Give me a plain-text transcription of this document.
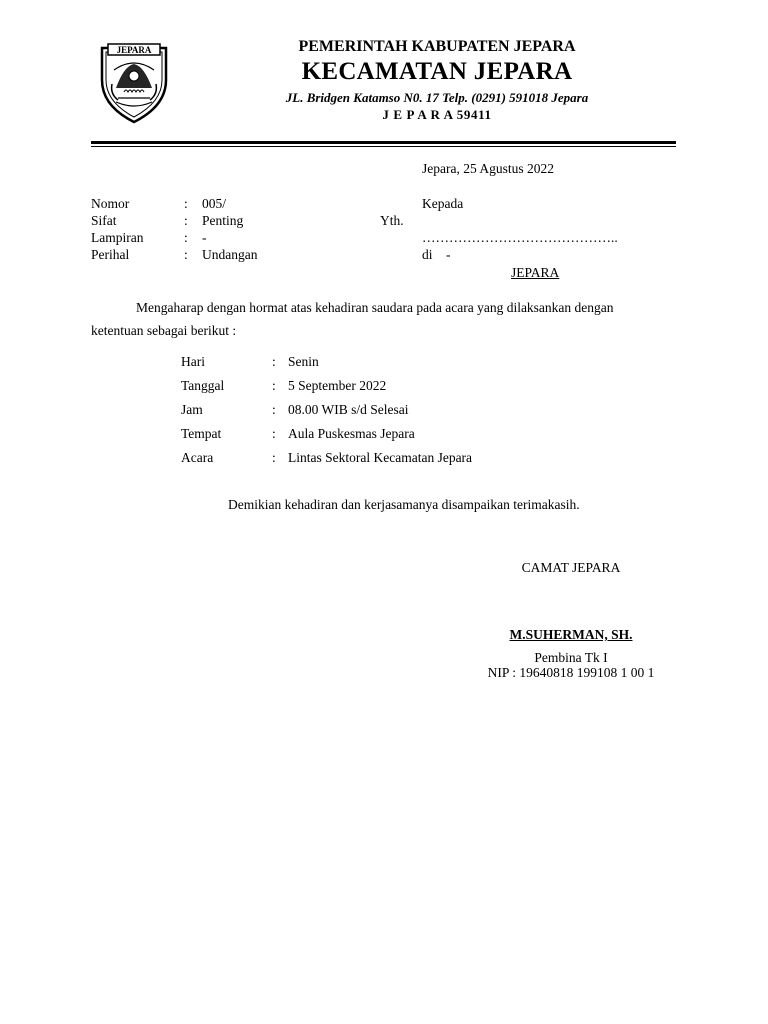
JEPARA	PEMERINTAH KABUPATEN JEPARA
KECAMATAN JEPARA
JL. Bridgen Katamso N0. 17 Telp. (0291) 591018 Jepara
J E P A R A 59411
Jepara, 25 Agustus 2022
Nomor	: 005/
Sifat	: Penting
Lampiran	: -
Perihal	: Undangan
Kepada
Yth.
……………………………………..
di    -
JEPARA
Mengaharap dengan hormat atas kehadiran saudara pada acara yang dilaksankan dengan
ketentuan sebagai berikut :
Hari	: Senin
Tanggal	: 5 September 2022
Jam	: 08.00 WIB s/d Selesai
Tempat	: Aula Puskesmas Jepara
Acara	: Lintas Sektoral Kecamatan Jepara
Demikian kehadiran dan kerjasamanya disampaikan terimakasih.
CAMAT JEPARA
M.SUHERMAN, SH.
Pembina Tk I
NIP : 19640818 199108 1 00 1
